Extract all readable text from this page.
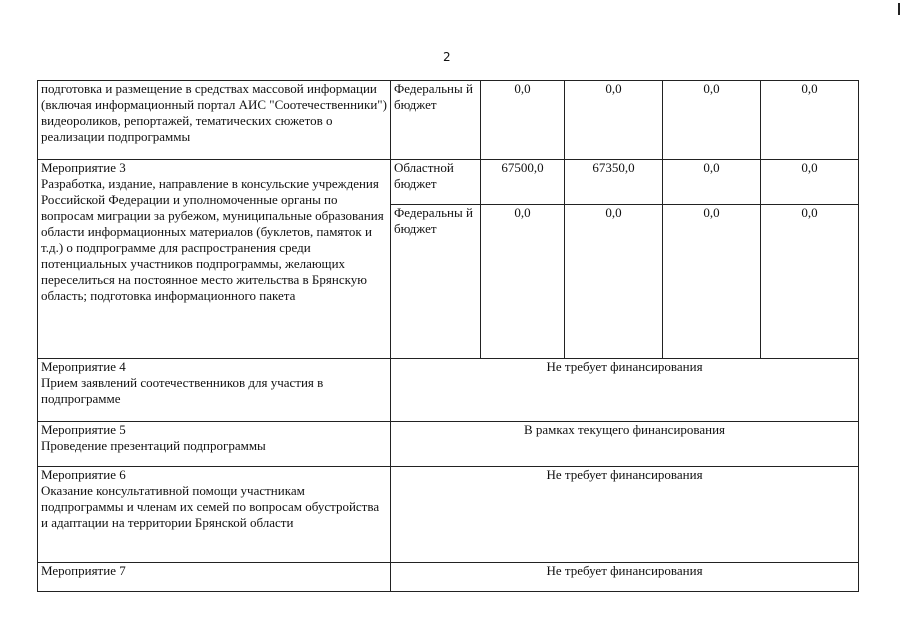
2
подготовка и размещение в средствах массовой информации (включая информационный портал АИС "Соотечественники") видеороликов, репортажей, тематических сюжетов о реализации подпрограммы	Федеральны й бюджет	0,0	0,0	0,0	0,0

Мероприятие 3
Разработка, издание, направление в консульские учреждения Российской Федерации и уполномоченные органы по вопросам миграции за рубежом, муниципальные образования области информационных материалов (буклетов, памяток и т.д.) о подпрограмме для распространения среди потенциальных участников подпрограммы, желающих переселиться на постоянное место жительства в Брянскую область; подготовка информационного пакета	Областной бюджет	67500,0	67350,0	0,0	0,0
	Федеральны й бюджет	0,0	0,0	0,0	0,0

Мероприятие 4
Прием заявлений соотечественников для участия в подпрограмме	Не требует финансирования				

Мероприятие 5
Проведение презентаций подпрограммы	В рамках текущего финансирования				

Мероприятие 6
Оказание консультативной помощи участникам подпрограммы и членам их семей по вопросам обустройства и адаптации на территории Брянской области	Не требует финансирования				

Мероприятие 7	Не требует финансирования				
